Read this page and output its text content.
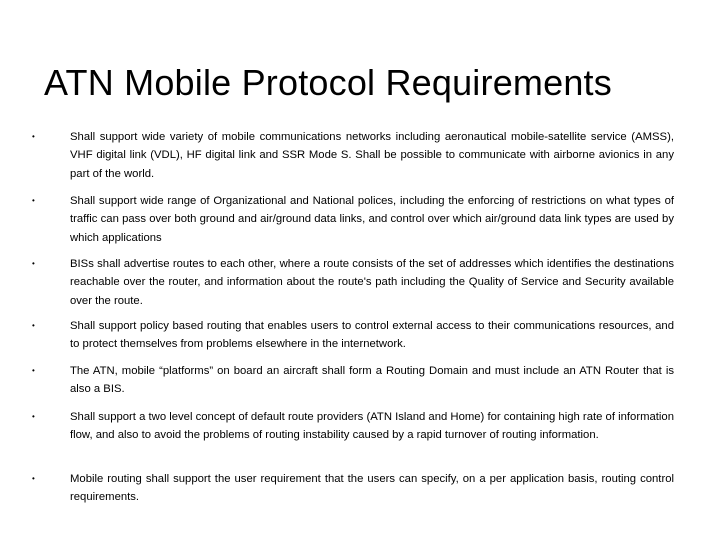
ATN Mobile Protocol Requirements
•	Shall support wide variety of mobile communications networks including aeronautical mobile-satellite service (AMSS), VHF digital link (VDL), HF digital link and SSR Mode S. Shall be possible to communicate with airborne avionics in any part of the world.

•	Shall support wide range of Organizational and National polices, including the enforcing of restrictions on what types of traffic can pass over both ground and air/ground data links, and control over which air/ground data link types are used by which applications

•	BISs shall advertise routes to each other, where a route consists of the set of addresses which identifies the destinations reachable over the router, and information about the route's path including the Quality of Service and Security available over the route.

•	Shall support policy based routing that enables users to control external access to their communications resources, and to protect themselves from problems elsewhere in the internetwork.

•	The ATN, mobile “platforms” on board an aircraft shall form a Routing Domain and must include an ATN Router that is also a BIS.

•	Shall support a two level concept of default route providers (ATN Island and Home) for containing high rate of information flow, and also to avoid the problems of routing instability caused by a rapid turnover of routing information.

•	Mobile routing shall support the user requirement that the users can specify, on a per application basis, routing control requirements.
